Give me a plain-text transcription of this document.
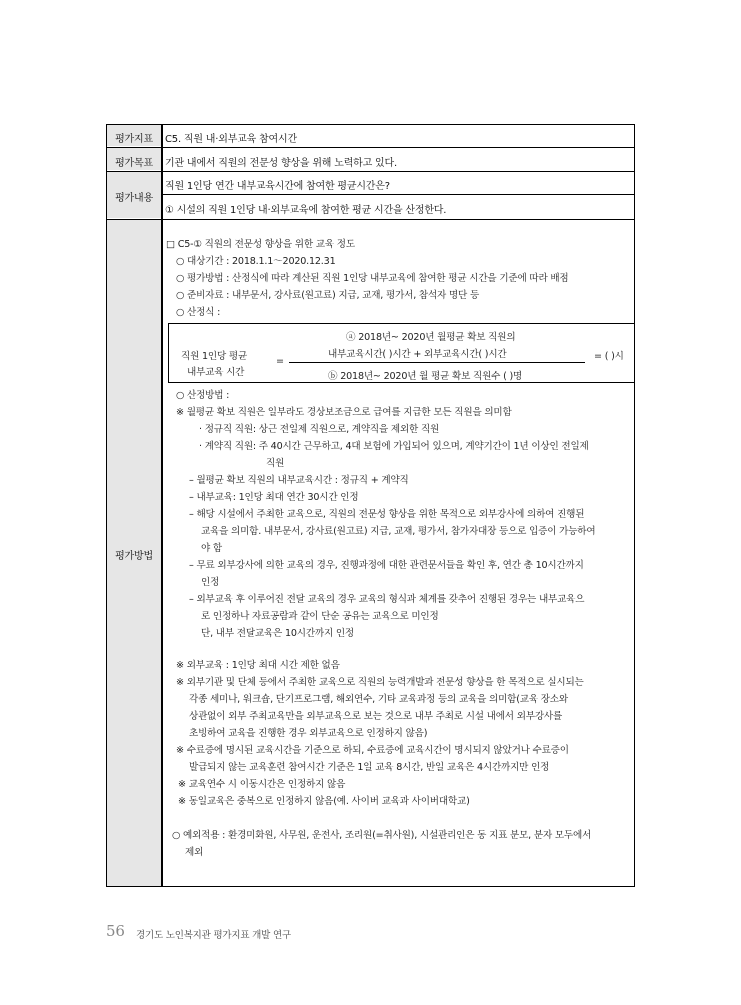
평가지표
평가목표
평가내용
평가방법
C5. 직원 내·외부교육 참여시간
기관 내에서 직원의 전문성 향상을 위해 노력하고 있다.
직원 1인당 연간 내부교육시간에 참여한 평균시간은?
① 시설의 직원 1인당 내·외부교육에 참여한 평균 시간을 산정한다.
□ C5-① 직원의 전문성 향상을 위한 교육 정도
○ 대상기간 : 2018.1.1～2020.12.31
○ 평가방법 : 산정식에 따라 계산된 직원 1인당 내부교육에 참여한 평균 시간을 기준에 따라 배점
○ 준비자료 : 내부문서, 강사료(원고료) 지급, 교재, 평가서, 참석자 명단 등
○ 산정식 :
직원 1인당 평균
내부교육 시간
=
ⓐ 2018년~ 2020년 월평균 확보 직원의
내부교육시간( )시간 + 외부교육시간( )시간
ⓑ 2018년~ 2020년 월 평균 확보 직원수 ( )명
= ( )시
○ 산정방법 :
※ 월평균 확보 직원은 일부라도 경상보조금으로 급여를 지급한 모든 직원을 의미함
· 정규직 직원: 상근 전일제 직원으로, 계약직을 제외한 직원
· 계약직 직원: 주 40시간 근무하고, 4대 보험에 가입되어 있으며, 계약기간이 1년 이상인 전일제
직원
– 월평균 확보 직원의 내부교육시간 : 정규직 + 계약직
– 내부교육: 1인당 최대 연간 30시간 인정
– 해당 시설에서 주최한 교육으로, 직원의 전문성 향상을 위한 목적으로 외부강사에 의하여 진행된
교육을 의미함. 내부문서, 강사료(원고료) 지급, 교재, 평가서, 참가자대장 등으로 입증이 가능하여
야 함
– 무료 외부강사에 의한 교육의 경우, 진행과정에 대한 관련문서들을 확인 후, 연간 총 10시간까지
인정
– 외부교육 후 이루어진 전달 교육의 경우 교육의 형식과 체계를 갖추어 진행된 경우는 내부교육으
로 인정하나 자료공람과 같이 단순 공유는 교육으로 미인정
단, 내부 전달교육은 10시간까지 인정
※ 외부교육 : 1인당 최대 시간 제한 없음
※ 외부기관 및 단체 등에서 주최한 교육으로 직원의 능력개발과 전문성 향상을 한 목적으로 실시되는
각종 세미나, 워크숍, 단기프로그램, 해외연수, 기타 교육과정 등의 교육을 의미함(교육 장소와
상관없이 외부 주최교육만을 외부교육으로 보는 것으로 내부 주최로 시설 내에서 외부강사를
초빙하여 교육을 진행한 경우 외부교육으로 인정하지 않음)
※ 수료증에 명시된 교육시간을 기준으로 하되, 수료증에 교육시간이 명시되지 않았거나 수료증이
발급되지 않는 교육훈련 참여시간 기준은 1일 교육 8시간, 반일 교육은 4시간까지만 인정
※ 교육연수 시 이동시간은 인정하지 않음
※ 동일교육은 중복으로 인정하지 않음(예. 사이버 교육과 사이버대학교)
○ 예외적용 : 환경미화원, 사무원, 운전사, 조리원(=취사원), 시설관리인은 동 지표 분모, 분자 모두에서
제외
56 경기도 노인복지관 평가지표 개발 연구
